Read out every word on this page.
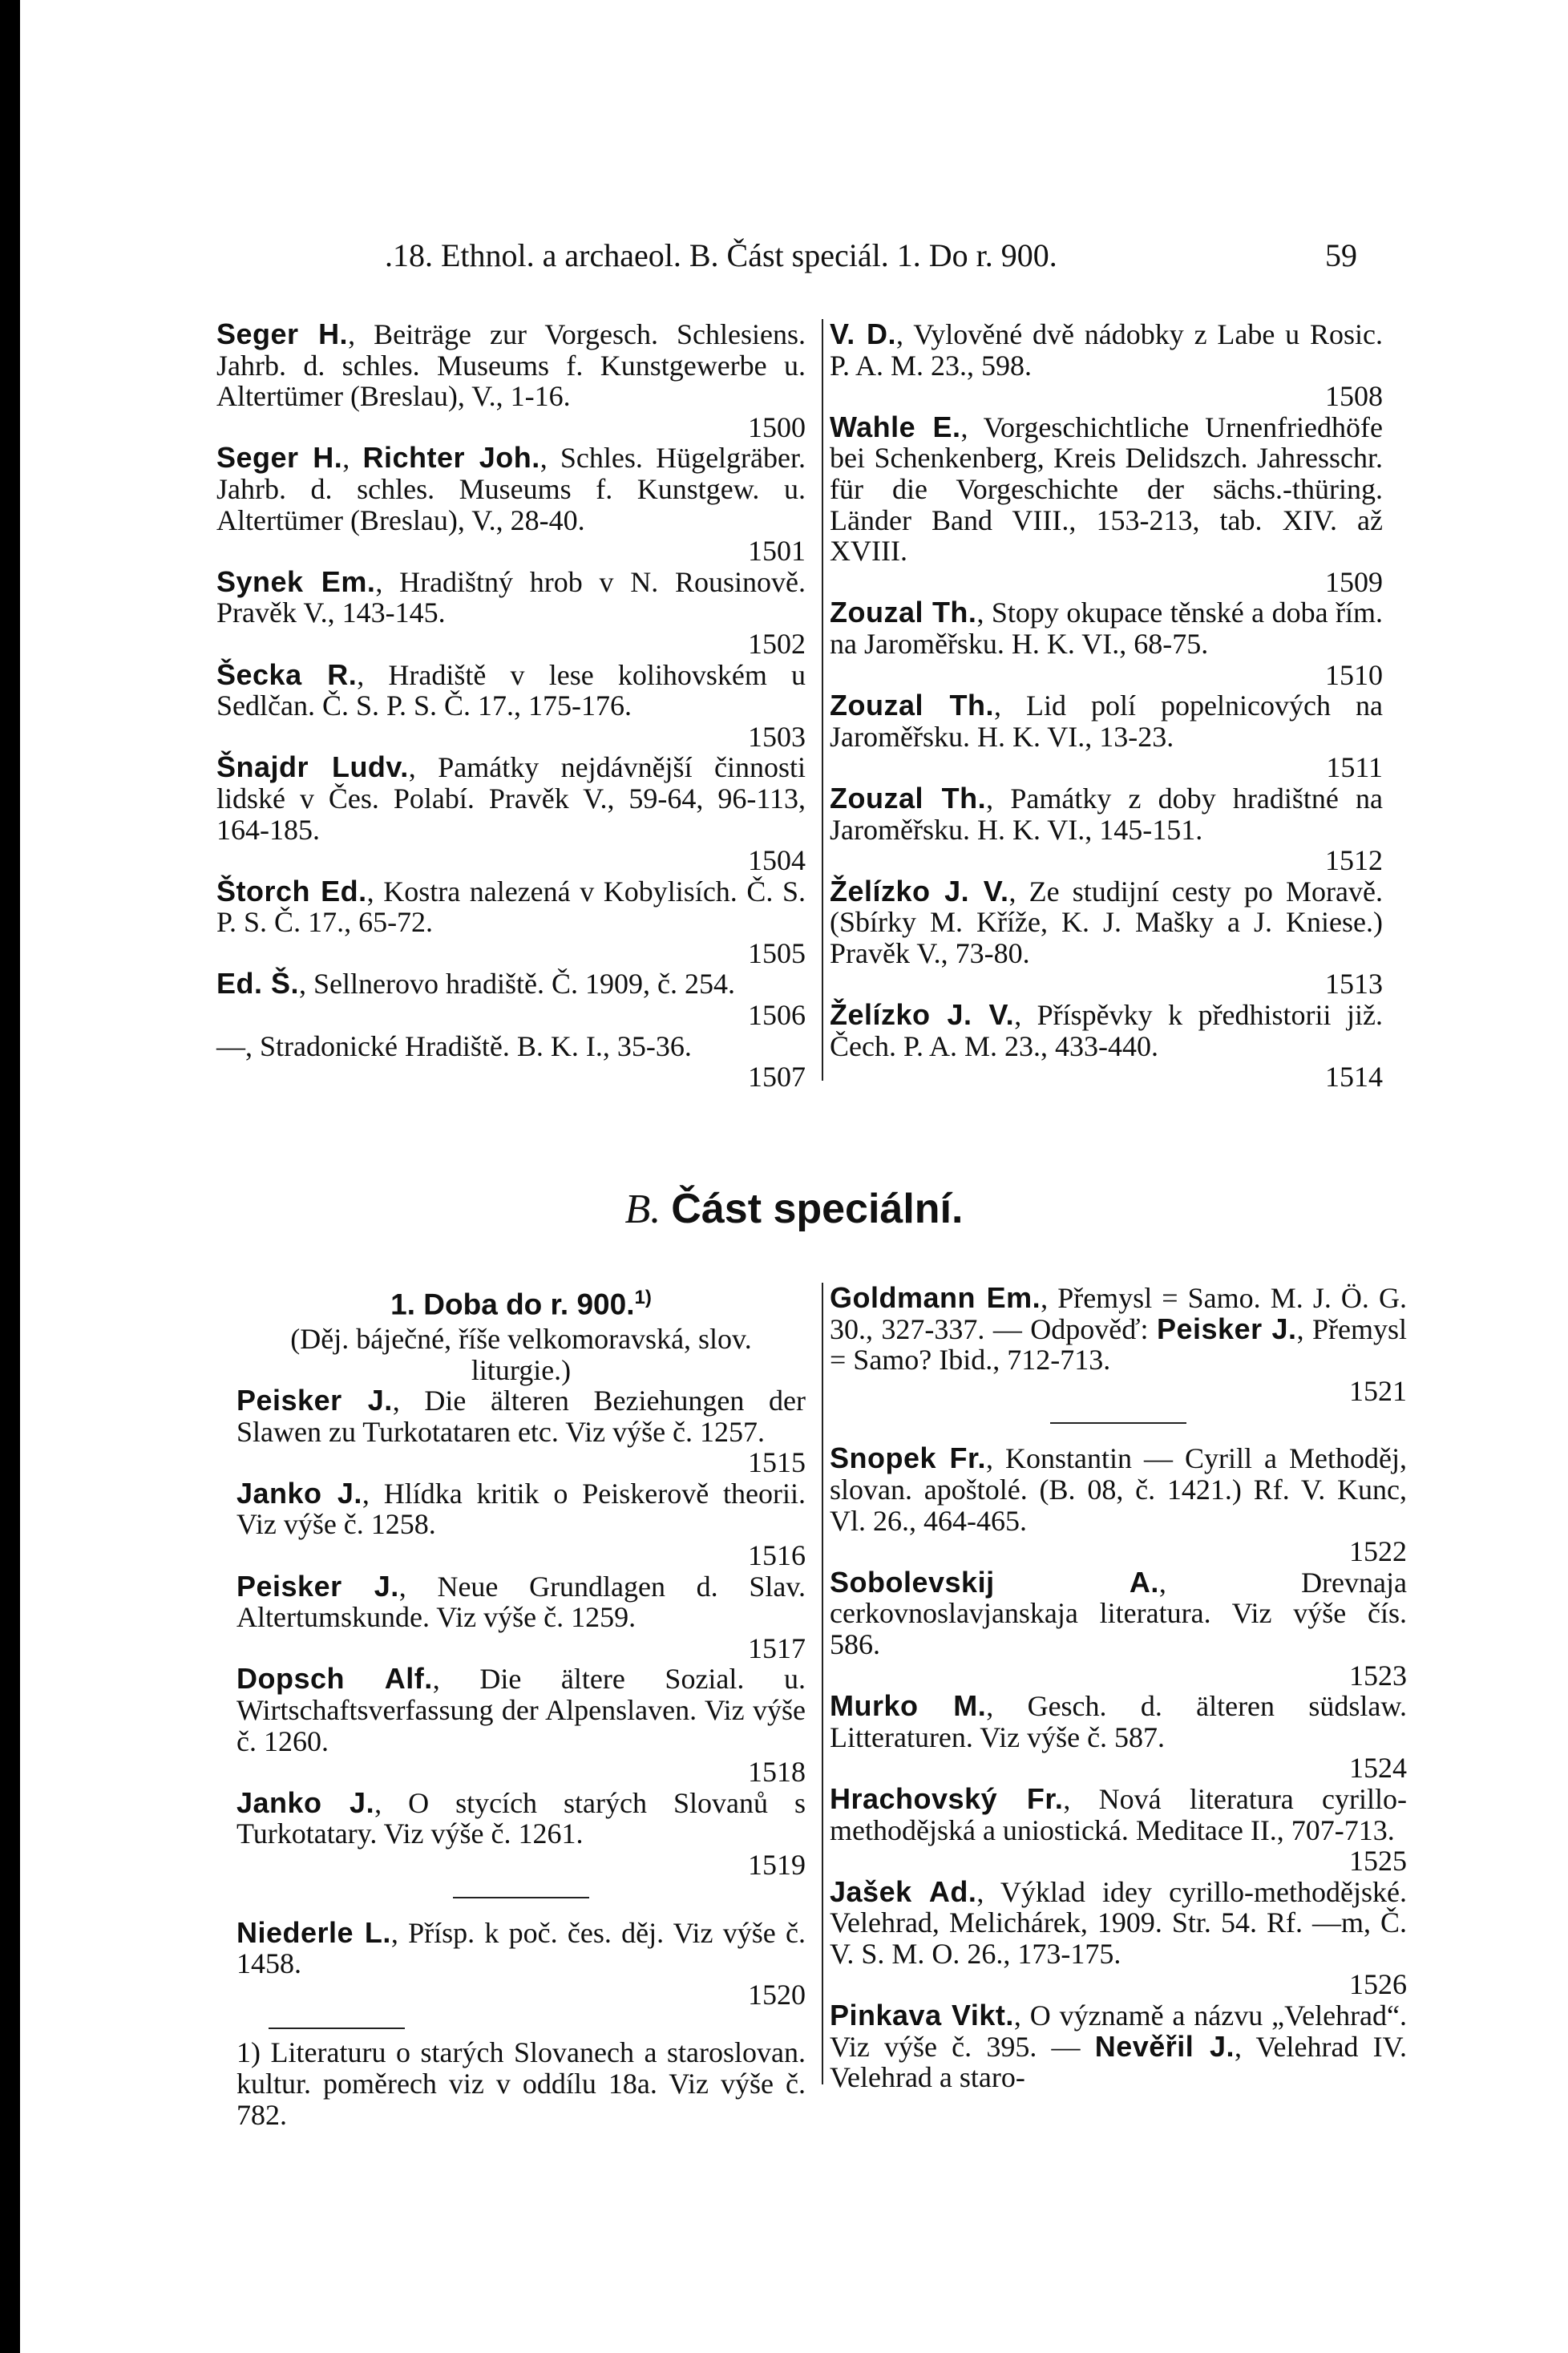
.18. Ethnol. a archaeol. B. Část speciál. 1. Do r. 900.	59
Seger H., Beiträge zur Vorgesch. Schlesiens. Jahrb. d. schles. Museums f. Kunstgewerbe u. Altertümer (Breslau), V., 1-16.
1500
Seger H., Richter Joh., Schles. Hügelgräber. Jahrb. d. schles. Museums f. Kunstgew. u. Altertümer (Breslau), V., 28-40.
1501
Synek Em., Hradištný hrob v N. Rousinově. Pravěk V., 143-145.
1502
Šecka R., Hradiště v lese kolihovském u Sedlčan. Č. S. P. S. Č. 17., 175-176.
1503
Šnajdr Ludv., Památky nejdávnější činnosti lidské v Čes. Polabí. Pravěk V., 59-64, 96-113, 164-185.
1504
Štorch Ed., Kostra nalezená v Kobylisích. Č. S. P. S. Č. 17., 65-72.
1505
Ed. Š., Sellnerovo hradiště. Č. 1909, č. 254.
1506
—, Stradonické Hradiště. B. K. I., 35-36.
1507
V. D., Vylověné dvě nádobky z Labe u Rosic. P. A. M. 23., 598.
1508
Wahle E., Vorgeschichtliche Urnenfriedhöfe bei Schenkenberg, Kreis Delidszch. Jahresschr. für die Vorgeschichte der sächs.-thüring. Länder Band VIII., 153-213, tab. XIV. až XVIII.
1509
Zouzal Th., Stopy okupace těnské a doba řím. na Jaroměřsku. H. K. VI., 68-75.
1510
Zouzal Th., Lid polí popelnicových na Jaroměřsku. H. K. VI., 13-23.
1511
Zouzal Th., Památky z doby hradištné na Jaroměřsku. H. K. VI., 145-151.
1512
Želízko J. V., Ze studijní cesty po Moravě. (Sbírky M. Kříže, K. J. Mašky a J. Kniese.) Pravěk V., 73-80.
1513
Želízko J. V., Příspěvky k předhistorii již. Čech. P. A. M. 23., 433-440.
1514
B. Část speciální.
1. Doba do r. 900.$^{1)}$
(Děj. báječné, říše velkomoravská, slov. liturgie.)
Peisker J., Die älteren Beziehungen der Slawen zu Turkotataren etc. Viz výše č. 1257.
1515
Janko J., Hlídka kritik o Peiskerově theorii. Viz výše č. 1258.
1516
Peisker J., Neue Grundlagen d. Slav. Altertumskunde. Viz výše č. 1259.
1517
Dopsch Alf., Die ältere Sozial. u. Wirtschaftsverfassung der Alpenslaven. Viz výše č. 1260.
1518
Janko J., O stycích starých Slovanů s Turkotatary. Viz výše č. 1261.
1519
Niederle L., Přísp. k poč. čes. děj. Viz výše č. 1458.
1520
1) Literaturu o starých Slovanech a staroslovan. kultur. poměrech viz v oddílu 18a. Viz výše č. 782.
Goldmann Em., Přemysl = Samo. M. J. Ö. G. 30., 327-337. — Odpověď: Peisker J., Přemysl = Samo? Ibid., 712-713.
1521
Snopek Fr., Konstantin — Cyrill a Methoděj, slovan. apoštolé. (B. 08, č. 1421.) Rf. V. Kunc, Vl. 26., 464-465.
1522
Sobolevskij A., Drevnaja cerkovnoslavjanskaja literatura. Viz výše čís. 586.
1523
Murko M., Gesch. d. älteren südslaw. Litteraturen. Viz výše č. 587.
1524
Hrachovský Fr., Nová literatura cyrillo-methodějská a uniostická. Meditace II., 707-713.
1525
Jašek Ad., Výklad idey cyrillo-methodějské. Velehrad, Melichárek, 1909. Str. 54. Rf. —m, Č. V. S. M. O. 26., 173-175.
1526
Pinkava Vikt., O významě a názvu „Velehrad“. Viz výše č. 395. — Nevěřil J., Velehrad IV. Velehrad a staro-
